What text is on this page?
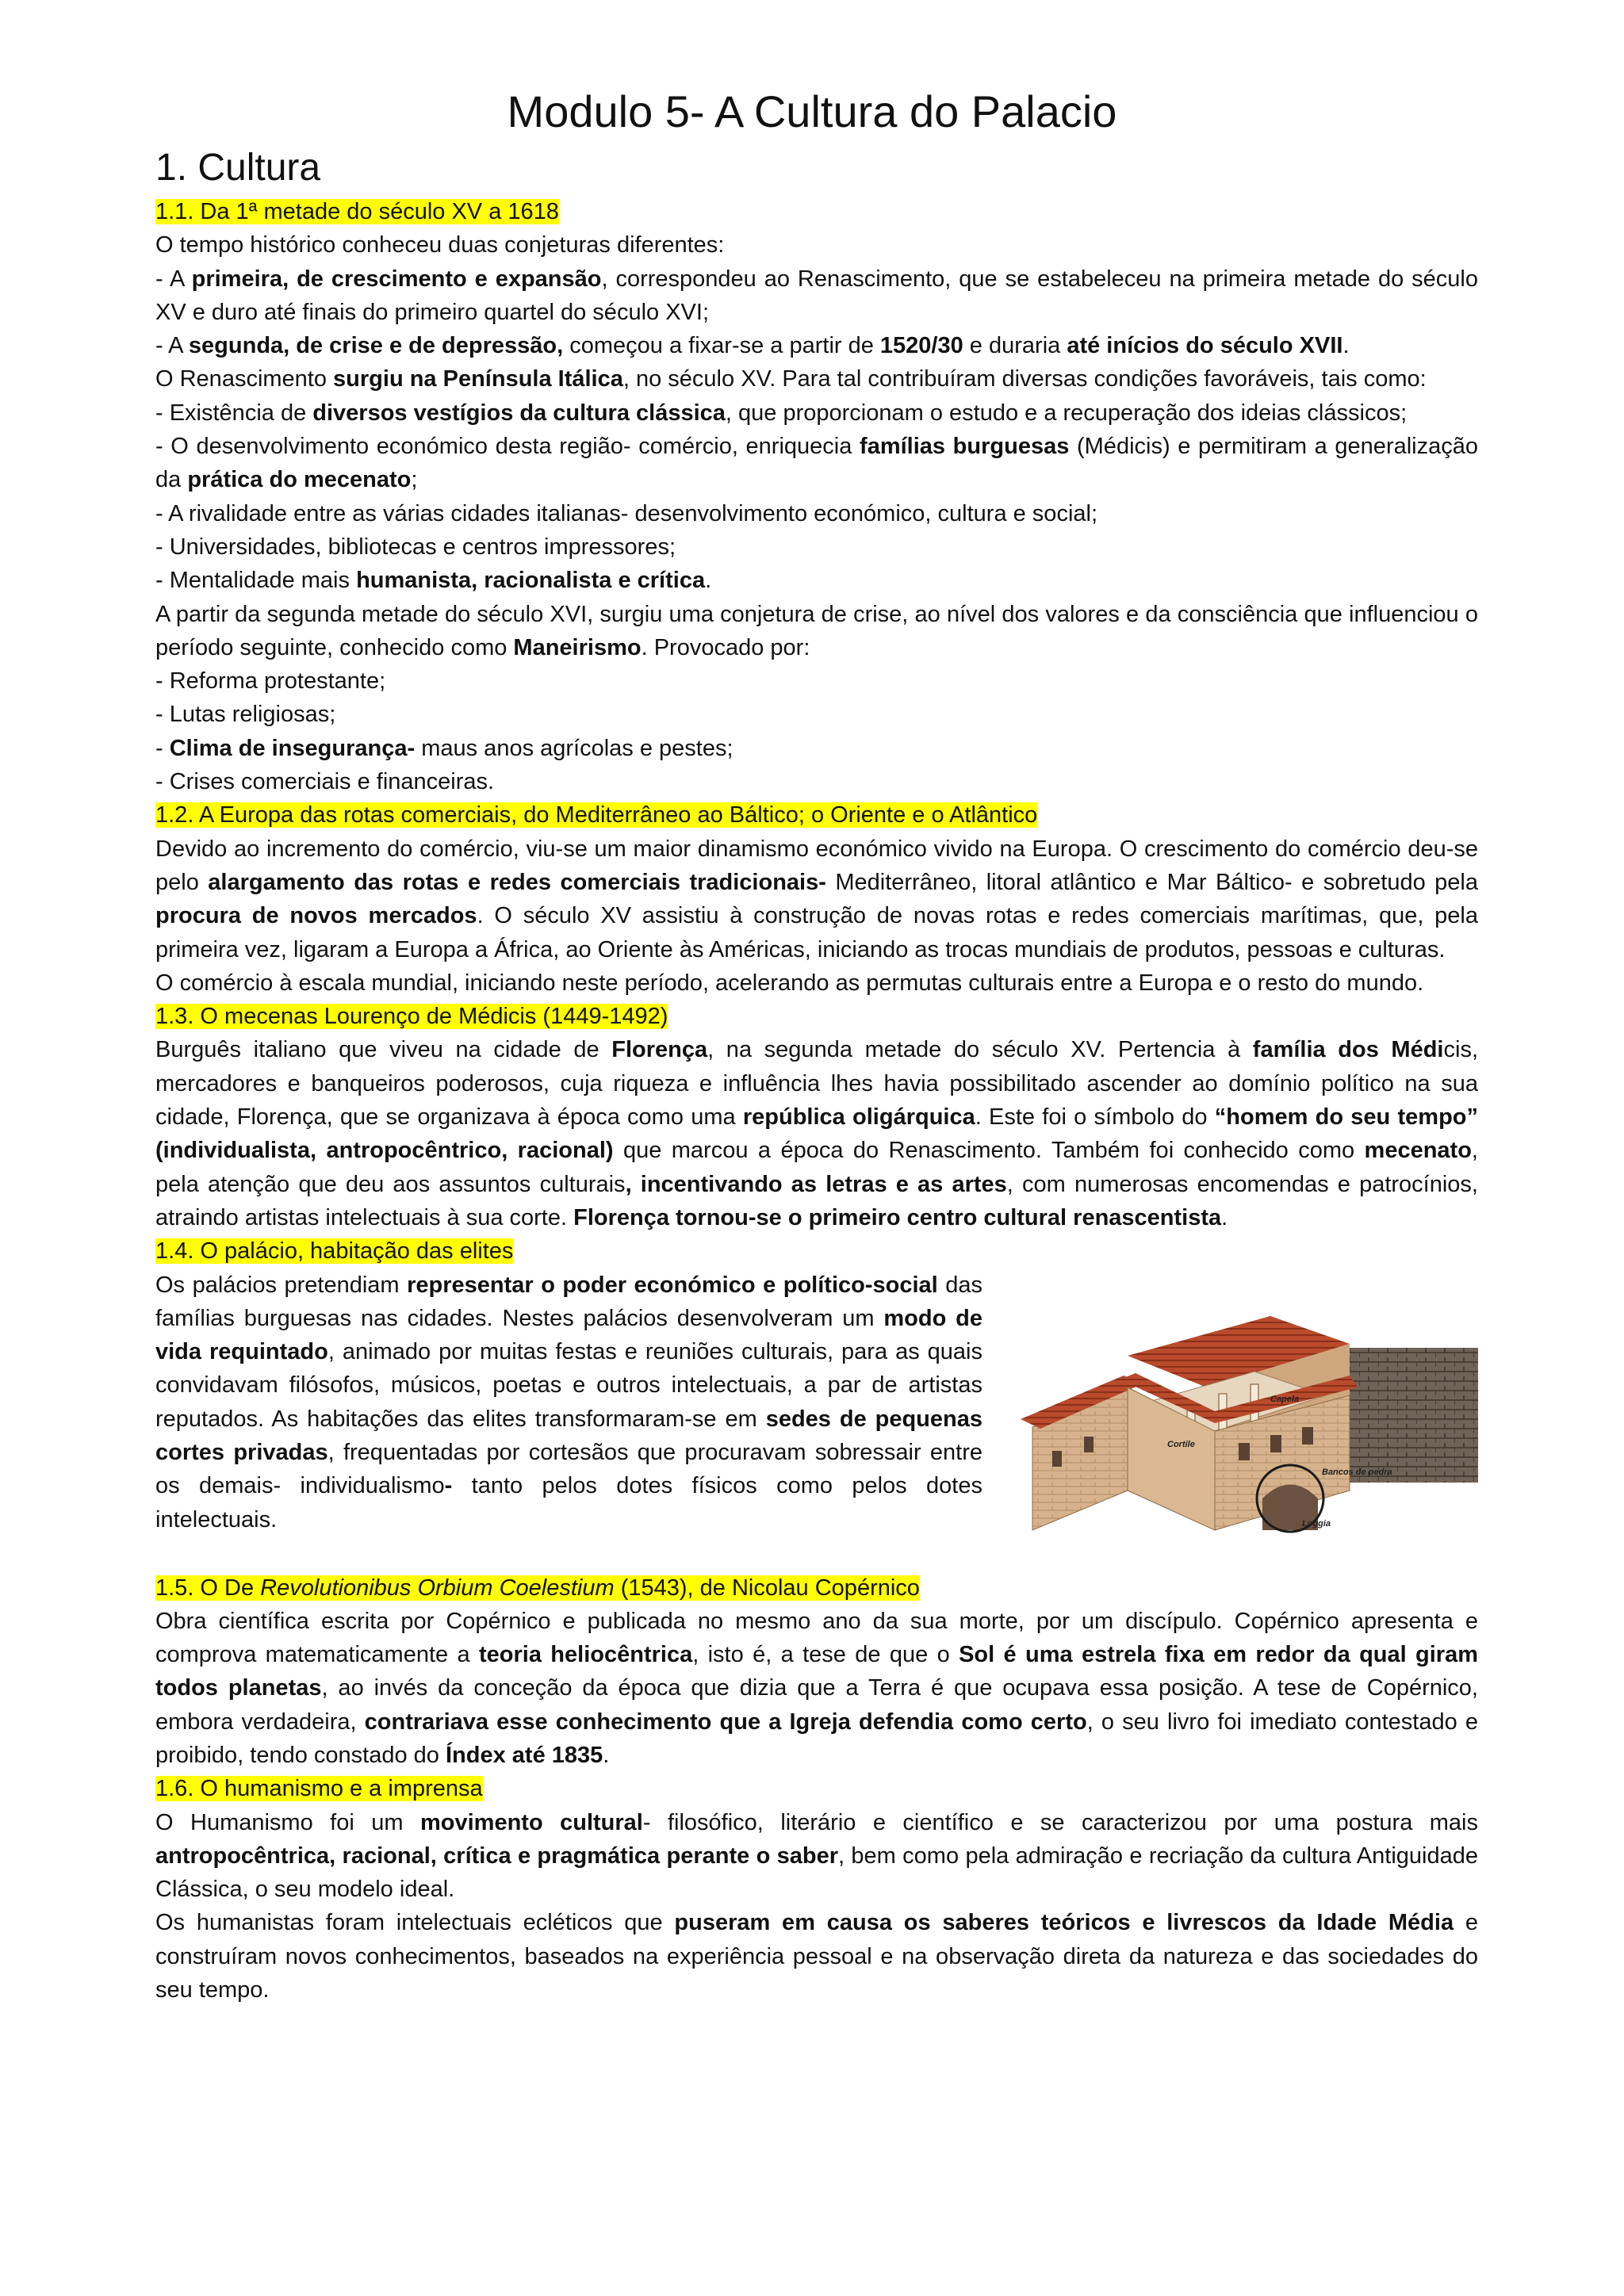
Modulo 5- A Cultura do Palacio
1. Cultura

1.1. Da 1ª metade do século XV a 1618

O tempo histórico conheceu duas conjeturas diferentes:

- A primeira, de crescimento e expansão, correspondeu ao Renascimento, que se estabeleceu na primeira metade do século XV e duro até finais do primeiro quartel do século XVI;

- A segunda, de crise e de depressão, começou a fixar-se a partir de 1520/30 e duraria até inícios do século XVII.

O Renascimento surgiu na Península Itálica, no século XV. Para tal contribuíram diversas condições favoráveis, tais como:

- Existência de diversos vestígios da cultura clássica, que proporcionam o estudo e a recuperação dos ideias clássicos;

- O desenvolvimento económico desta região- comércio, enriquecia famílias burguesas (Médicis) e permitiram a generalização da prática do mecenato;

- A rivalidade entre as várias cidades italianas- desenvolvimento económico, cultura e social;

- Universidades, bibliotecas e centros impressores;

- Mentalidade mais humanista, racionalista e crítica.

A partir da segunda metade do século XVI, surgiu uma conjetura de crise, ao nível dos valores e da consciência que influenciou o período seguinte, conhecido como Maneirismo. Provocado por:

- Reforma protestante;

- Lutas religiosas;

- Clima de insegurança- maus anos agrícolas e pestes;

- Crises comerciais e financeiras.

1.2. A Europa das rotas comerciais, do Mediterrâneo ao Báltico; o Oriente e o Atlântico

Devido ao incremento do comércio, viu-se um maior dinamismo económico vivido na Europa. O crescimento do comércio deu-se pelo alargamento das rotas e redes comerciais tradicionais- Mediterrâneo, litoral atlântico e Mar Báltico- e sobretudo pela procura de novos mercados. O século XV assistiu à construção de novas rotas e redes comerciais marítimas, que, pela primeira vez, ligaram a Europa a África, ao Oriente às Américas, iniciando as trocas mundiais de produtos, pessoas e culturas.

O comércio à escala mundial, iniciando neste período, acelerando as permutas culturais entre a Europa e o resto do mundo.

1.3. O mecenas Lourenço de Médicis (1449-1492)

Burguês italiano que viveu na cidade de Florença, na segunda metade do século XV. Pertencia à família dos Médicis, mercadores e banqueiros poderosos, cuja riqueza e influência lhes havia possibilitado ascender ao domínio político na sua cidade, Florença, que se organizava à época como uma república oligárquica. Este foi o símbolo do “homem do seu tempo” (individualista, antropocêntrico, racional) que marcou a época do Renascimento. Também foi conhecido como mecenato, pela atenção que deu aos assuntos culturais, incentivando as letras e as artes, com numerosas encomendas e patrocínios, atraindo artistas intelectuais à sua corte. Florença tornou-se o primeiro centro cultural renascentista.

1.4. O palácio, habitação das elites

Os palácios pretendiam representar o poder económico e político-social das famílias burguesas nas cidades. Nestes palácios desenvolveram um modo de vida requintado, animado por muitas festas e reuniões culturais, para as quais convidavam filósofos, músicos, poetas e outros intelectuais, a par de artistas reputados. As habitações das elites transformaram-se em sedes de pequenas cortes privadas, frequentadas por cortesãos que procuravam sobressair entre os demais- individualismo- tanto pelos dotes físicos como pelos dotes intelectuais.

Cortile
Capela
Bancos de pedra
Loggia

1.5. O De Revolutionibus Orbium Coelestium (1543), de Nicolau Copérnico

Obra científica escrita por Copérnico e publicada no mesmo ano da sua morte, por um discípulo. Copérnico apresenta e comprova matematicamente a teoria heliocêntrica, isto é, a tese de que o Sol é uma estrela fixa em redor da qual giram todos planetas, ao invés da conceção da época que dizia que a Terra é que ocupava essa posição. A tese de Copérnico, embora verdadeira, contrariava esse conhecimento que a Igreja defendia como certo, o seu livro foi imediato contestado e proibido, tendo constado do Índex até 1835.

1.6. O humanismo e a imprensa

O Humanismo foi um movimento cultural- filosófico, literário e científico e se caracterizou por uma postura mais antropocêntrica, racional, crítica e pragmática perante o saber, bem como pela admiração e recriação da cultura Antiguidade Clássica, o seu modelo ideal.

Os humanistas foram intelectuais ecléticos que puseram em causa os saberes teóricos e livrescos da Idade Média e construíram novos conhecimentos, baseados na experiência pessoal e na observação direta da natureza e das sociedades do seu tempo.
